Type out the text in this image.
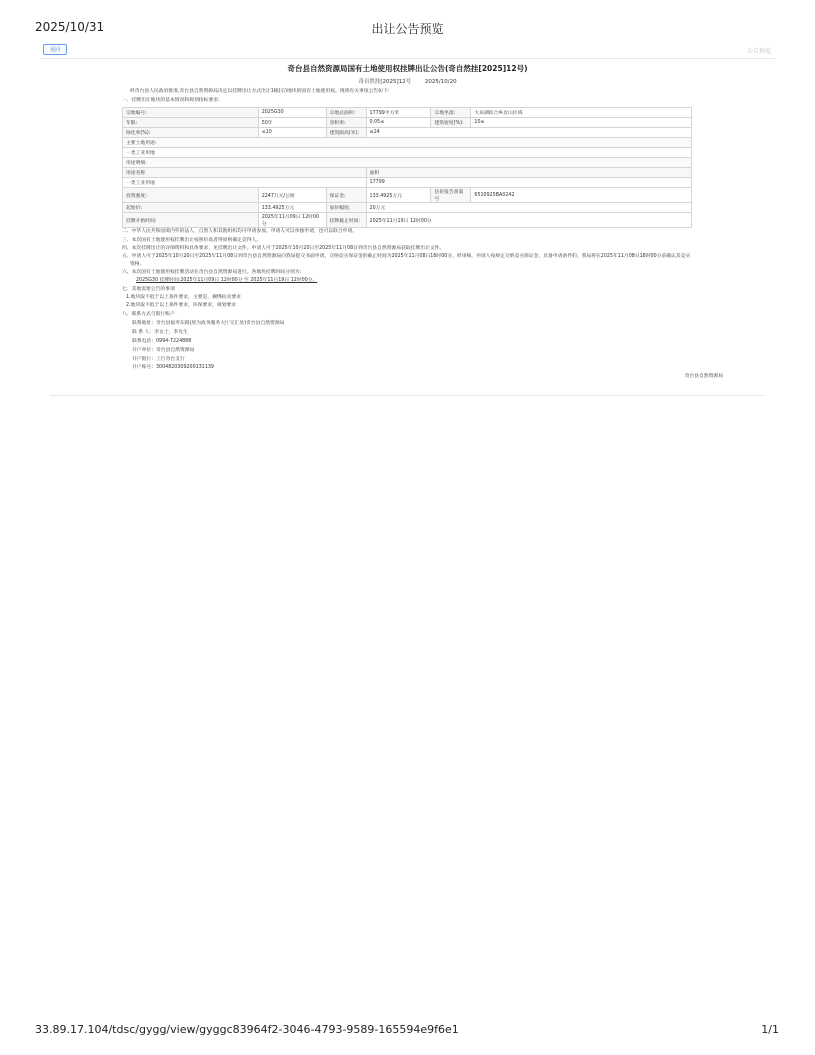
2025/10/31	出让公告预览
返回	公告预览
奇台县自然资源局国有土地使用权挂牌出让公告(奇自然挂[2025]12号)
奇自然挂[2025]12号	2025/10/20
经奇台县人民政府批准,奇台县自然资源局决定以挂牌出让方式出让1幅(宗)地块的国有土地使用权。现将有关事项公告如下:
一、挂牌出让地块的基本情况和规划指标要求:
宗地编号:	2025G30	宗地总面积:	17799平方米	宗地坐落:	大泉湖综合乡北山区域
年限:	50年	容积率:	0.05≤	建筑密度(%):	10≤
绿化率(%):	≤10	建筑限高(米):	≤24		
主要土地用途:					
一类工业用地					
用途明细:					
用途名称			面积		
一类工业用地			17799		
投资强度:	2247万元/公顷	保证金:	133.4925万元	估价报告备案号	6510925BA0242
起始价:	133.4925万元	加价幅度:	20万元		
挂牌开始时间:	2025年11月09日 12时00分	挂牌截止时间:	2025年11月19日 12时00分		
二、中华人民共和国境内外的法人、自然人和其他组织均可申请参加，申请人可以单独申请，也可以联合申请。
三、本次国有土地使用权挂牌出让按照价高者得原则确定竞得人。
四、本次挂牌出让的详细资料和具体要求，见挂牌出让文件。申请人可于2025年10月20日至2025年11月08日到奇台县自然资源局获取挂牌出让文件。
五、申请人可于2025年10月20日至2025年11月08日到奇台县自然资源局向我局提交书面申请。交纳竞买保证金的截止时间为2025年11月08日16时00分。经审核，申请人按规定交纳竞买保证金，具备申请条件的，我局将在2025年11月08日18时00分前确认其竞买
资格。
六、本次国有土地使用权挂牌活动在奇台县自然资源局进行。各地块挂牌时间分别为:
2025G30 挂牌时间:2025年11月09日 12时00分 至 2025年11月19日 12时00分。
七、其他需要公告的事项
1.地块取不低于以上条件要求，主要是，捆绑拍卖要求
2.地块取不低于以上条件要求，环保要求，规划要求
八、联系方式与银行账户
联系地址：奇台县福寿东路(原为政务服务大厅交汇处)奇台县自然资源局
联 系 人：李女士，李先生
联系电话：0994-7224888
开户单位：奇台县自然资源局
开户银行：工行奇台支行
开户账号：3004820309200131139
奇台县自然资源局
33.89.17.104/tdsc/gygg/view/gyggc83964f2-3046-4793-9589-165594e9f6e1	1/1
